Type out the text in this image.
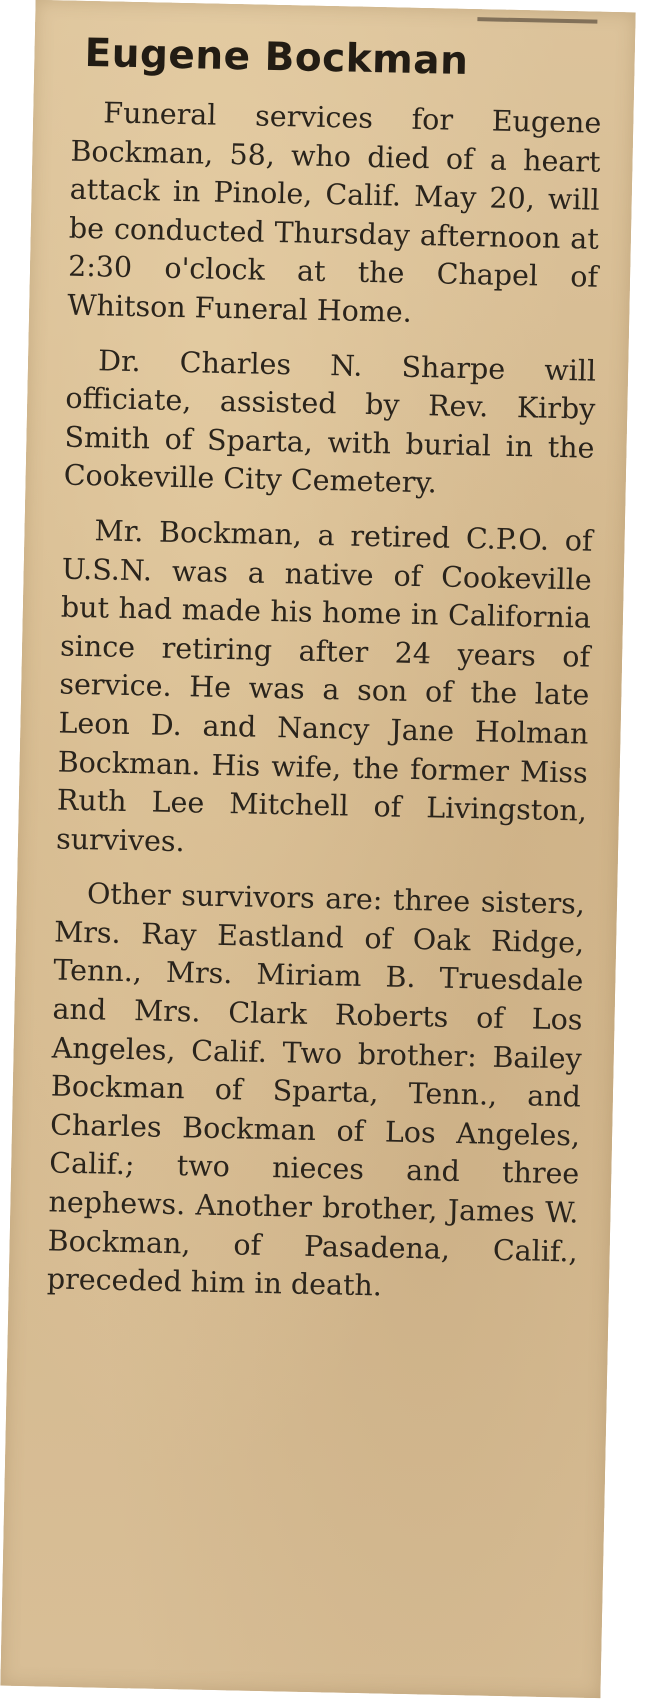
Eugene Bockman

Funeral services for Eugene Bockman, 58, who died of a heart attack in Pinole, Calif. May 20, will be conducted Thursday afternoon at 2:30 o'clock at the Chapel of Whitson Funeral Home.

Dr. Charles N. Sharpe will officiate, assisted by Rev. Kirby Smith of Sparta, with burial in the Cookeville City Cemetery.

Mr. Bockman, a retired C.P.O. of U.S.N. was a native of Cookeville but had made his home in California since retiring after 24 years of service. He was a son of the late Leon D. and Nancy Jane Holman Bockman. His wife, the former Miss Ruth Lee Mitchell of Livingston, survives.

Other survivors are: three sisters, Mrs. Ray Eastland of Oak Ridge, Tenn., Mrs. Miriam B. Truesdale and Mrs. Clark Roberts of Los Angeles, Calif. Two brother: Bailey Bockman of Sparta, Tenn., and Charles Bockman of Los Angeles, Calif.; two nieces and three nephews. Another brother, James W. Bockman, of Pasadena, Calif., preceded him in death.
